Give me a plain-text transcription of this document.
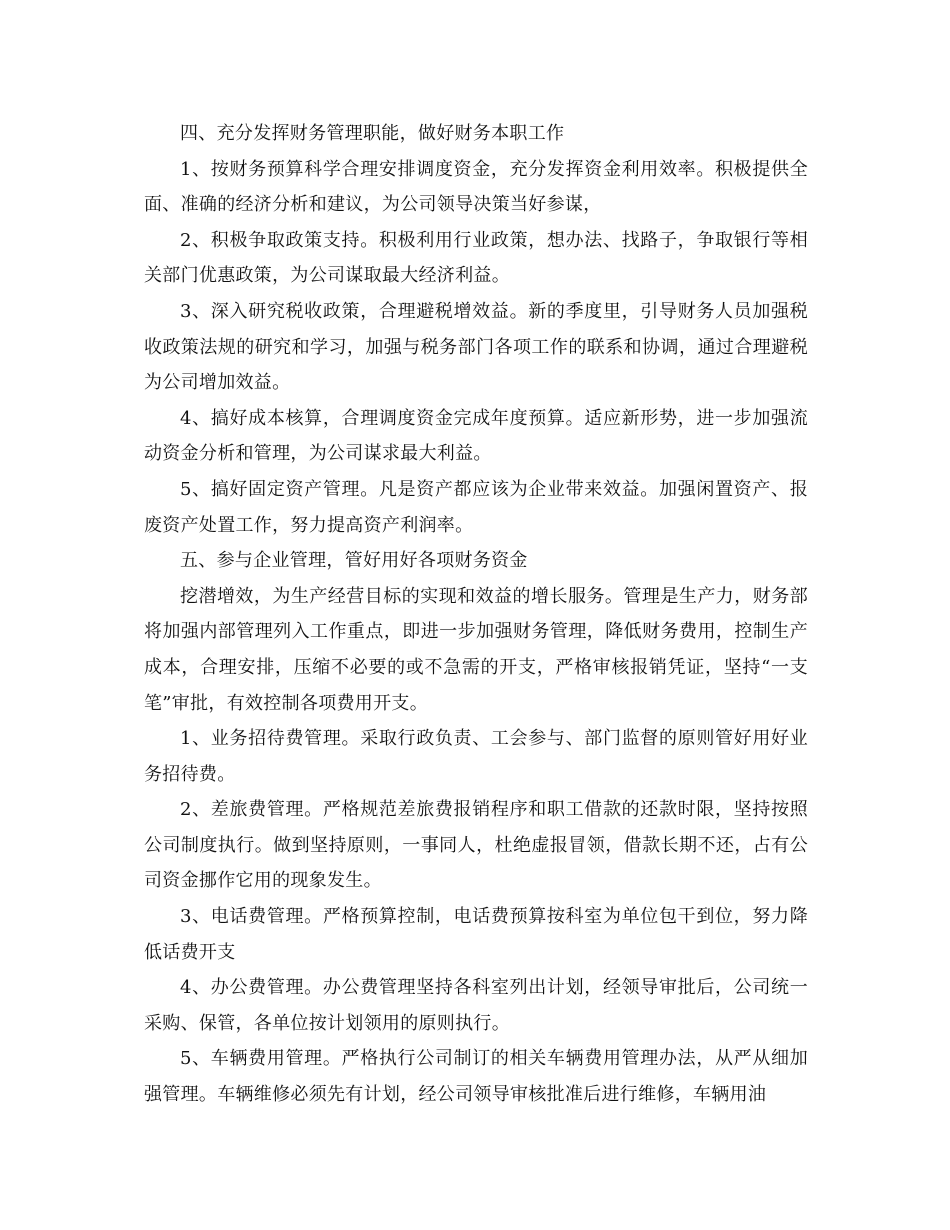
四、充分发挥财务管理职能，做好财务本职工作

1、按财务预算科学合理安排调度资金，充分发挥资金利用效率。积极提供全面、准确的经济分析和建议，为公司领导决策当好参谋，

2、积极争取政策支持。积极利用行业政策，想办法、找路子，争取银行等相关部门优惠政策，为公司谋取最大经济利益。

3、深入研究税收政策，合理避税增效益。新的季度里，引导财务人员加强税收政策法规的研究和学习，加强与税务部门各项工作的联系和协调，通过合理避税为公司增加效益。

4、搞好成本核算，合理调度资金完成年度预算。适应新形势，进一步加强流动资金分析和管理，为公司谋求最大利益。

5、搞好固定资产管理。凡是资产都应该为企业带来效益。加强闲置资产、报废资产处置工作，努力提高资产利润率。

五、参与企业管理，管好用好各项财务资金

挖潜增效，为生产经营目标的实现和效益的增长服务。管理是生产力，财务部将加强内部管理列入工作重点，即进一步加强财务管理，降低财务费用，控制生产成本，合理安排，压缩不必要的或不急需的开支，严格审核报销凭证，坚持“一支笔”审批，有效控制各项费用开支。

1、业务招待费管理。采取行政负责、工会参与、部门监督的原则管好用好业务招待费。

2、差旅费管理。严格规范差旅费报销程序和职工借款的还款时限，坚持按照公司制度执行。做到坚持原则，一事同人，杜绝虚报冒领，借款长期不还，占有公司资金挪作它用的现象发生。

3、电话费管理。严格预算控制，电话费预算按科室为单位包干到位，努力降低话费开支

4、办公费管理。办公费管理坚持各科室列出计划，经领导审批后，公司统一采购、保管，各单位按计划领用的原则执行。

5、车辆费用管理。严格执行公司制订的相关车辆费用管理办法，从严从细加强管理。车辆维修必须先有计划，经公司领导审核批准后进行维修，车辆用油
